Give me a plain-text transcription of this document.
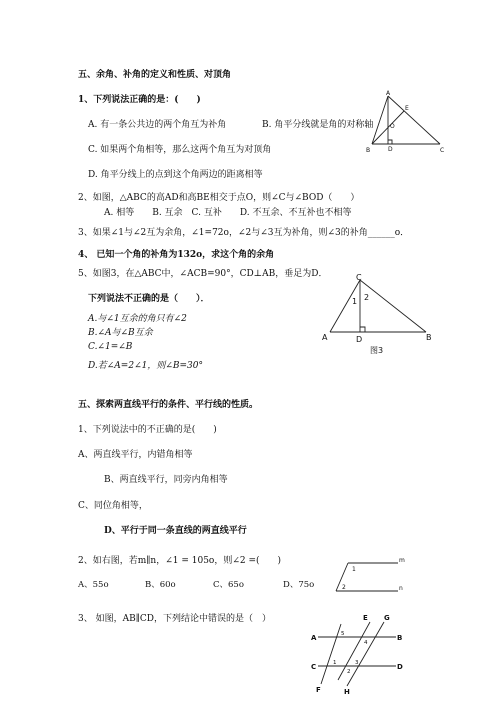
五、余角、补角的定义和性质、对顶角
1、下列说法正确的是：(　　)
A. 有一条公共边的两个角互为补角	B. 角平分线就是角的对称轴
C. 如果两个角相等，那么这两个角互为对顶角
D. 角平分线上的点到这个角两边的距离相等
2、如图，△ABC的高AD和高BE相交于点O，则∠C与∠BOD（　　）
A. 相等　　B. 互余　C. 互补　　D. 不互余、不互补也不相等
3、如果∠1与∠2互为余角，∠1=72o，∠2与∠3互为补角，则∠3的补角______o．
4、 已知一个角的补角为132o，求这个角的余角
5、如图3，在△ABC中，∠ACB=90°，CD⊥AB，垂足为D．
下列说法不正确的是（　　）．
A.与∠1互余的角只有∠2
B.∠A与∠B互余
C.∠1=∠B
D.若∠A=2∠1，则∠B=30°
五、探索两直线平行的条件、平行线的性质。
1、下列说法中的不正确的是(　　)
A、两直线平行，内错角相等
B、两直线平行，同旁内角相等
C、同位角相等，
D、平行于同一条直线的两直线平行
2、如右图，若m∥n，∠1 = 105o，则∠2 =(　　)
A、55o	B、60o	C、65o	D、75o
3、 如图，AB∥CD，下列结论中错误的是（　）
A
B	C
D
E
O
C
A	B
D
1 2
图3
m
n
1
2
A	B
C	D
E
F
G
H
5
4
3
2
1
